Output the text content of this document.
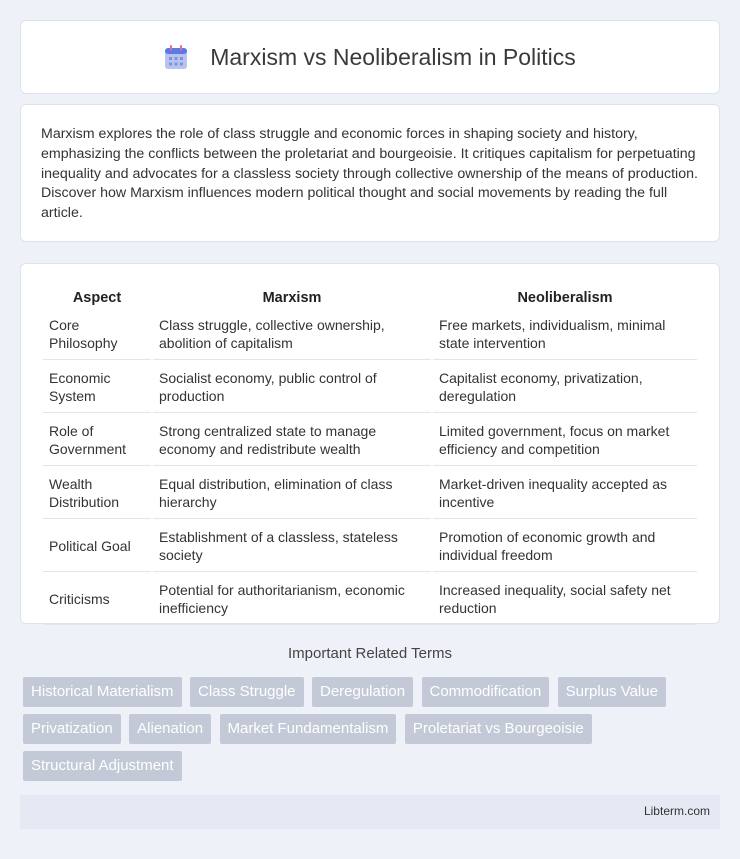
Marxism vs Neoliberalism in Politics

Marxism explores the role of class struggle and economic forces in shaping society and history, emphasizing the conflicts between the proletariat and bourgeoisie. It critiques capitalism for perpetuating inequality and advocates for a classless society through collective ownership of the means of production. Discover how Marxism influences modern political thought and social movements by reading the full article.

Aspect	Marxism	Neoliberalism
Core Philosophy	Class struggle, collective ownership, abolition of capitalism	Free markets, individualism, minimal state intervention
Economic System	Socialist economy, public control of production	Capitalist economy, privatization, deregulation
Role of Government	Strong centralized state to manage economy and redistribute wealth	Limited government, focus on market efficiency and competition
Wealth Distribution	Equal distribution, elimination of class hierarchy	Market-driven inequality accepted as incentive
Political Goal	Establishment of a classless, stateless society	Promotion of economic growth and individual freedom
Criticisms	Potential for authoritarianism, economic inefficiency	Increased inequality, social safety net reduction
Important Related Terms
Historical Materialism Class Struggle Deregulation Commodification Surplus Value Privatization Alienation Market Fundamentalism Proletariat vs Bourgeoisie Structural Adjustment
Libterm.com
